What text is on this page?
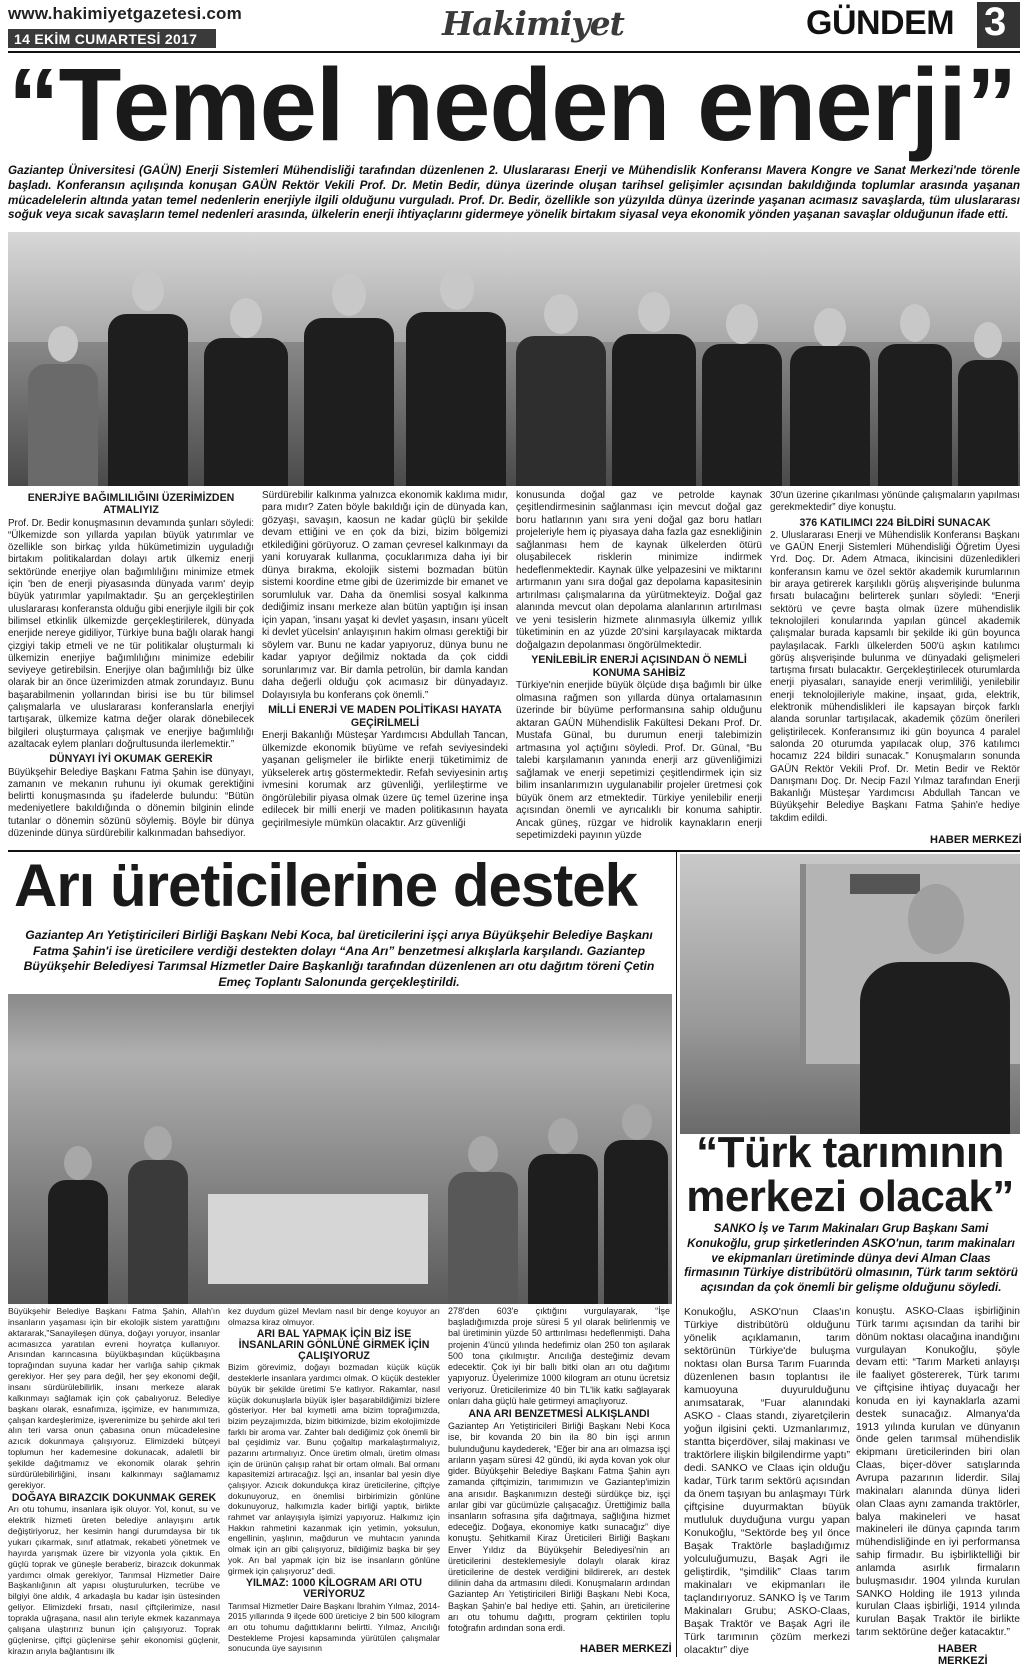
www.hakimiyetgazetesi.com
14 EKİM CUMARTESİ 2017	Hakimiyet	GÜNDEM 3
“Temel neden enerji”
Gaziantep Üniversitesi (GAÜN) Enerji Sistemleri Mühendisliği tarafından düzenlenen 2. Uluslararası Enerji ve Mühendislik Konferansı Mavera Kongre ve Sanat Merkezi'nde törenle başladı. Konferansın açılışında konuşan GAÜN Rektör Vekili Prof. Dr. Metin Bedir, dünya üzerinde oluşan tarihsel gelişimler açısından bakıldığında toplumlar arasında yaşanan mücadelelerin altında yatan temel nedenlerin enerjiyle ilgili olduğunu vurguladı. Prof. Dr. Bedir, özellikle son yüzyılda dünya üzerinde yaşanan acımasız savaşlarda, tüm uluslararası soğuk veya sıcak savaşların temel nedenleri arasında, ülkelerin enerji ihtiyaçlarını gidermeye yönelik birtakım siyasal veya ekonomik yönden yaşanan savaşlar olduğunun ifade etti.
ENERJİYE BAĞIMLILIĞINI ÜZERİMİZDEN ATMALIYIZ

Prof. Dr. Bedir konuşmasının devamında şunları söyledi: “Ülkemizde son yıllarda yapılan büyük yatırımlar ve özellikle son birkaç yılda hükümetimizin uyguladığı birtakım politikalardan dolayı artık ülkemiz enerji sektöründe enerjiye olan bağımlılığını minimize etmek için 'ben de enerji piyasasında dünyada varım' deyip büyük yatırımlar yapılmaktadır. Şu an gerçekleştirilen uluslararası konferansta olduğu gibi enerjiyle ilgili bir çok bilimsel etkinlik ülkemizde gerçekleştirilerek, dünyada enerjide nereye gidiliyor, Türkiye buna bağlı olarak hangi çizgiyi takip etmeli ve ne tür politikalar oluşturmalı ki ülkemizin enerjiye bağımlılığını minimize edebilir seviyeye getirebilsin. Enerjiye olan bağımlılığı biz ülke olarak bir an önce üzerimizden atmak zorundayız. Bunu başarabilmenin yollarından birisi ise bu tür bilimsel çalışmalarla ve uluslararası konferanslarla enerjiyi tartışarak, ülkemize katma değer olarak dönebilecek bilgileri oluşturmaya çalışmak ve enerjiye bağımlılığı azaltacak eylem planları doğrultusunda ilerlemektir.”

DÜNYAYI İYİ OKUMAK GEREKİR

Büyükşehir Belediye Başkanı Fatma Şahin ise dünyayı, zamanın ve mekanın ruhunu iyi okumak gerektiğini belirtti konuşmasında şu ifadelerde bulundu: “Bütün medeniyetlere bakıldığında o dönemin bilginin elinde tutanlar o dönemin sözünü söylemiş. Böyle bir dünya düzeninde dünya sürdürebilir kalkınmadan bahsediyor.

Sürdürebilir kalkınma yalnızca ekonomik kaklıma mıdır, para mıdır? Zaten böyle bakıldığı için de dünyada kan, gözyaşı, savaşın, kaosun ne kadar güçlü bir şekilde devam ettiğini ve en çok da bizi, bizim bölgemizi etkilediğini görüyoruz. O zaman çevresel kalkınmayı da yani koruyarak kullanma, çocuklarımıza daha iyi bir dünya bırakma, ekolojik sistemi bozmadan bütün sistemi koordine etme gibi de üzerimizde bir emanet ve sorumluluk var. Daha da önemlisi sosyal kalkınma dediğimiz insanı merkeze alan bütün yaptığın işi insan için yapan, 'insanı yaşat ki devlet yaşasın, insanı yücelt ki devlet yücelsin' anlayışının hakim olması gerektiği bir söylem var. Bunu ne kadar yapıyoruz, dünya bunu ne kadar yapıyor değilmiz noktada da çok ciddi sorunlarımız var. Bir damla petrolün, bir damla kandan daha değerli olduğu çok acımasız bir dünyadayız. Dolayısıyla bu konferans çok önemli.”

MİLLİ ENERJİ VE MADEN POLİTİKASI HAYATA GEÇİRİLMELİ

Enerji Bakanlığı Müsteşar Yardımcısı Abdullah Tancan, ülkemizde ekonomik büyüme ve refah seviyesindeki yaşanan gelişmeler ile birlikte enerji tüketimimiz de yükselerek artış göstermektedir. Refah seviyesinin artış ivmesini korumak arz güvenliği, yerlileştirme ve öngörülebilir piyasa olmak üzere üç temel üzerine inşa edilecek bir milli enerji ve maden politikasının hayata geçirilmesiyle mümkün olacaktır. Arz güvenliği

konusunda doğal gaz ve petrolde kaynak çeşitlendirmesinin sağlanması için mevcut doğal gaz boru hatlarının yanı sıra yeni doğal gaz boru hatları projeleriyle hem iç piyasaya daha fazla gaz esnekliğinin sağlanması hem de kaynak ülkelerden ötürü oluşabilecek risklerin minimize indirmek hedeflenmektedir. Kaynak ülke yelpazesini ve miktarını artırmanın yanı sıra doğal gaz depolama kapasitesinin artırılması çalışmalarına da yürütmekteyiz. Doğal gaz alanında mevcut olan depolama alanlarının artırılması ve yeni tesislerin hizmete alınmasıyla ülkemiz yıllık tüketiminin en az yüzde 20'sini karşılayacak miktarda doğalgazın depolanması öngörülmektedir.

YENİLEBİLİR ENERJİ AÇISINDAN Ö NEMLİ KONUMA SAHİBİZ

Türkiye'nin enerjide büyük ölçüde dışa bağımlı bir ülke olmasına rağmen son yıllarda dünya ortalamasının üzerinde bir büyüme performansına sahip olduğunu aktaran GAÜN Mühendislik Fakültesi Dekanı Prof. Dr. Mustafa Günal, bu durumun enerji talebimizin artmasına yol açtığını söyledi. Prof. Dr. Günal, “Bu talebi karşılamanın yanında enerji arz güvenliğimizi sağlamak ve enerji sepetimizi çeşitlendirmek için siz bilim insanlarımızın uygulanabilir projeler üretmesi çok büyük önem arz etmektedir. Türkiye yenilebilir enerji açısından önemli ve ayrıcalıklı bir konuma sahiptir. Ancak güneş, rüzgar ve hidrolik kaynakların enerji sepetimizdeki payının yüzde

30'un üzerine çıkarılması yönünde çalışmaların yapılması gerekmektedir” diye konuştu.

376 KATILIMCI 224 BİLDİRİ SUNACAK

2. Uluslararası Enerji ve Mühendislik Konferansı Başkanı ve GAÜN Enerji Sistemleri Mühendisliği Öğretim Üyesi Yrd. Doç. Dr. Adem Atmaca, ikincisini düzenledikleri konferansın kamu ve özel sektör akademik kurumlarının bir araya getirerek karşılıklı görüş alışverişinde bulunma fırsatı bulacağını belirterek şunları söyledi: “Enerji sektörü ve çevre başta olmak üzere mühendislik teknolojileri konularında yapılan güncel akademik çalışmalar burada kapsamlı bir şekilde iki gün boyunca paylaşılacak. Farklı ülkelerden 500'ü aşkın katılımcı görüş alışverişinde bulunma ve dünyadaki gelişmeleri tartışma fırsatı bulacaktır. Gerçekleştirilecek oturumlarda enerji piyasaları, sanayide enerji verimliliği, yenilebilir enerji teknolojileriyle makine, inşaat, gıda, elektrik, elektronik mühendislikleri ile kapsayan birçok farklı alanda sorunlar tartışılacak, akademik çözüm önerileri geliştirilecek. Konferansımız iki gün boyunca 4 paralel salonda 20 oturumda yapılacak olup, 376 katılımcı hocamız 224 bildiri sunacak.” Konuşmaların sonunda GAÜN Rektör Vekili Prof. Dr. Metin Bedir ve Rektör Danışmanı Doç. Dr. Necip Fazıl Yılmaz tarafından Enerji Bakanlığı Müsteşar Yardımcısı Abdullah Tancan ve Büyükşehir Belediye Başkanı Fatma Şahin'e hediye takdim edildi.

HABER MERKEZİ
Arı üreticilerine destek
Gaziantep Arı Yetiştiricileri Birliği Başkanı Nebi Koca, bal üreticilerini işçi arıya Büyükşehir Belediye Başkanı Fatma Şahin'i ise üreticilere verdiği destekten dolayı “Ana Arı” benzetmesi alkışlarla karşılandı. Gaziantep Büyükşehir Belediyesi Tarımsal Hizmetler Daire Başkanlığı tarafından düzenlenen arı otu dağıtım töreni Çetin Emeç Toplantı Salonunda gerçekleştirildi.

Büyükşehir Belediye Başkanı Fatma Şahin, Allah'ın insanların yaşaması için bir ekolojik sistem yarattığını aktararak,"Sanayileşen dünya, doğayı yoruyor, insanlar acımasızca yaratılan evreni hoyratça kullanıyor. Arısından karıncasına büyükbaşından küçükbaşına toprağından suyuna kadar her varlığa sahip çıkmak gerekiyor. Her şey para değil, her şey ekonomi değil, insanı sürdürülebilirlik, insanı merkeze alarak kalkınmayı sağlamak için çok çabalıyoruz. Belediye başkanı olarak, esnafımıza, işçimize, ev hanımımıza, çalışan kardeşlerimize, işverenimize bu şehirde akıl teri alın teri varsa onun çabasına onun mücadelesine azıcık dokunmaya çalışıyoruz. Elimizdeki bütçeyi toplumun her kademesine dokunacak, adaletli bir şekilde dağıtmamız ve ekonomik olarak şehrin sürdürülebilirliğini, insanı kalkınmayı sağlamamız gerekiyor.

DOĞAYA BIRAZCIK DOKUNMAK GEREK

Arı otu tohumu, insanlara işik oluyor. Yol, konut, su ve elektrik hizmeti üreten belediye anlayışını artık değiştiriyoruz, her kesimin hangi durumdaysa bir tık yukarı çıkarmak, sınıf atlatmak, rekabeti yönetmek ve hayırda yarışmak üzere bir vizyonla yola çıktık. En güçlü toprak ve güneşle beraberiz, birazcık dokunmak yardımcı olmak gerekiyor, Tarımsal Hizmetler Daire Başkanlığının alt yapısı oluşturulurken, tecrübe ve bilgiyi öne aldık, 4 arkadaşla bu kadar işin üstesinden geliyor. Elimizdeki fırsatı, nasıl çiftçilerimize, nasıl toprakla uğraşana, nasıl alın teriyle ekmek kazanmaya çalışana ulaştırırız bunun için çalışıyoruz. Toprak güçlenirse, çiftçi güçlenirse şehir ekonomisi güçlenir, kirazın arıyla bağlantısını ilk

kez duydum güzel Mevlam nasıl bir denge koyuyor arı olmazsa kiraz olmuyor.

ARI BAL YAPMAK İÇİN BİZ İSE İNSANLARIN GÖNLÜNE GİRMEK İÇİN ÇALIŞIYORUZ

Bizim görevimiz, doğayı bozmadan küçük küçük desteklerle insanlara yardımcı olmak. O küçük destekler büyük bir şekilde üretimi 5'e katlıyor. Rakamlar, nasıl küçük dokunuşlarla büyük işler başarabildiğimizi bizlere gösteriyor. Her bal kıymetli ama bizim toprağımızda, bizim peyzajımızda, bizim bitkimizde, bizim ekolojimizde farklı bir aroma var. Zahter balı dediğimiz çok önemli bir bal çeşidimiz var. Bunu çoğaltıp markalaştırmalıyız, pazarını artırmalıyız. Önce üretim olmalı, üretim olması için de ürünün çalışıp rahat bir ortam olmalı. Bal ormanı kapasitemizi artıracağız. İşçi arı, insanlar bal yesin diye çalışıyor. Azıcık dokundukça kiraz üreticilerine, çiftçiye dokunuyoruz, en önemlisi birbirimizin gönlüne dokunuyoruz, halkımızla kader birliği yaptık, birlikte rahmet var anlayışıyla işimizi yapıyoruz. Halkımız için Hakkın rahmetini kazanmak için yetimin, yoksulun, engellinin, yaşlının, mağdurun ve muhtacın yanında olmak için arı gibi çalışıyoruz, bildiğimiz başka bir şey yok. Arı bal yapmak için biz ise insanların gönlüne girmek için çalışıyoruz” dedi.

YILMAZ: 1000 KİLOGRAM ARI OTU VERİYORUZ

Tarımsal Hizmetler Daire Başkanı İbrahim Yılmaz, 2014-2015 yıllarında 9 ilçede 600 üreticiye 2 bin 500 kilogram arı otu tohumu dağıttıklarını belirtti. Yılmaz, Arıcılığı Destekleme Projesi kapsamında yürütülen çalışmalar sonucunda üye sayısının

278'den 603'e çıktığını vurgulayarak, “İşe başladığımızda proje süresi 5 yıl olarak belirlenmiş ve bal üretiminin yüzde 50 arttırılması hedeflenmişti. Daha projenin 4'üncü yılında hedefimiz olan 250 ton aşılarak 500 tona çıkılmıştır. Arıcılığa desteğimiz devam edecektir. Çok iyi bir ballı bitki olan arı otu dağıtımı yapıyoruz. Üyelerimize 1000 kilogram arı otunu ücretsiz veriyoruz. Üreticilerimize 40 bin TL'lik katkı sağlayarak onları daha güçlü hale getirmeyi amaçlıyoruz.

ANA ARI BENZETMESİ ALKIŞLANDI

Gaziantep Arı Yetiştiricileri Birliği Başkanı Nebi Koca ise, bir kovanda 20 bin ila 80 bin işçi arının bulunduğunu kaydederek, “Eğer bir ana arı olmazsa işçi arıların yaşam süresi 42 gündü, iki ayda kovan yok olur gider. Büyükşehir Belediye Başkanı Fatma Şahin ayrı zamanda çiftçimizin, tarımımızın ve Gaziantep'imizin ana arısıdır. Başkanımızın desteği sürdükçe biz, işçi arılar gibi var gücümüzle çalışacağız. Ürettiğimiz balla insanların sofrasına şifa dağıtmaya, sağlığına hizmet edeceğiz. Doğaya, ekonomiye katkı sunacağız” diye konuştu. Şehitkamil Kiraz Üreticileri Birliği Başkanı Enver Yıldız da Büyükşehir Belediyesi'nin arı üreticilerini desteklemesiyle dolaylı olarak kiraz üreticilerine de destek verdiğini bildirerek, arı destek dilinin daha da artmasını diledi. Konuşmaların ardından Gaziantep Arı Yetiştiricileri Birliği Başkanı Nebi Koca, Başkan Şahin'e bal hediye etti. Şahin, arı üreticilerine arı otu tohumu dağıttı, program çektirilen toplu fotoğrafın ardından sona erdi.

HABER MERKEZİ
“Türk tarımının
merkezi olacak”
SANKO İş ve Tarım Makinaları Grup Başkanı Sami Konukoğlu, grup şirketlerinden ASKO'nun, tarım makinaları ve ekipmanları üretiminde dünya devi Alman Claas firmasının Türkiye distribütörü olmasının, Türk tarım sektörü açısından da çok önemli bir gelişme olduğunu söyledi.

Konukoğlu, ASKO'nun Claas'ın Türkiye distribütörü olduğunu yönelik açıklamanın, tarım sektörünün Türkiye'de buluşma noktası olan Bursa Tarım Fuarında düzenlenen basın toplantısı ile kamuoyuna duyurulduğunu anımsatarak, “Fuar alanındaki ASKO - Claas standı, ziyaretçilerin yoğun ilgisini çekti. Uzmanlarımız, stantta biçerdöver, silaj makinası ve traktörlere ilişkin bilgilendirme yaptı” dedi. SANKO ve Claas için olduğu kadar, Türk tarım sektörü açısından da önem taşıyan bu anlaşmayı Türk çiftçisine duyurmaktan büyük mutluluk duyduğuna vurgu yapan Konukoğlu, “Sektörde beş yıl önce Başak Traktörle başladığımız yolculuğumuzu, Başak Agri ile geliştirdik, “şimdilik” Claas tarım makinaları ve ekipmanları ile taçlandırıyoruz. SANKO İş ve Tarım Makinaları Grubu; ASKO-Claas, Başak Traktör ve Başak Agri ile Türk tarımının çözüm merkezi olacaktır” diye

konuştu. ASKO-Claas işbirliğinin Türk tarımı açısından da tarihi bir dönüm noktası olacağına inandığını vurgulayan Konukoğlu, şöyle devam etti: “Tarım Marketi anlayışı ile faaliyet göstererek, Türk tarımı ve çiftçisine ihtiyaç duyacağı her konuda en iyi kaynaklarla azami destek sunacağız. Almanya'da 1913 yılında kurulan ve dünyanın önde gelen tarımsal mühendislik ekipmanı üreticilerinden biri olan Claas, biçer-döver satışlarında Avrupa pazarının liderdir. Silaj makinaları alanında dünya lideri olan Claas aynı zamanda traktörler, balya makineleri ve hasat makineleri ile dünya çapında tarım mühendisliğinde en iyi performansa sahip firmadır. Bu işbirliktelliği bir anlamda asırlık firmaların buluşmasıdır. 1904 yılında kurulan SANKO Holding ile 1913 yılında kurulan Claas işbirliği, 1914 yılında kurulan Başak Traktör ile birlikte tarım sektörüne değer katacaktır.”

HABER MERKEZİ
